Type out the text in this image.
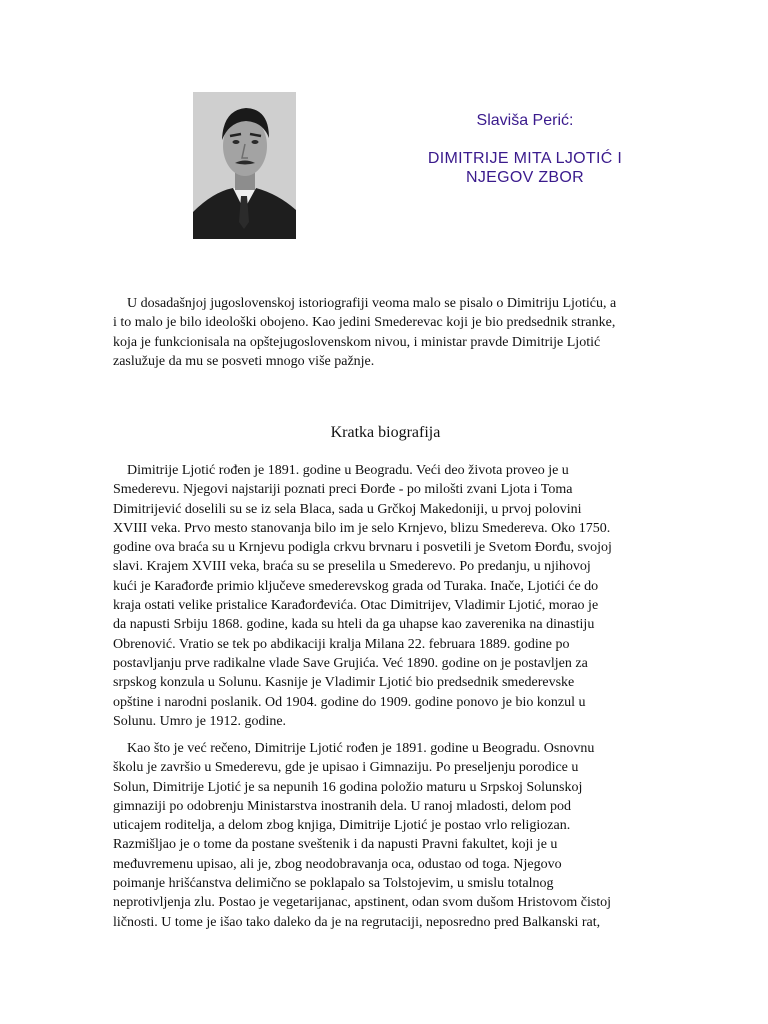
Slaviša Perić:
DIMITRIJE MITA LJOTIĆ I
NJEGOV ZBOR

U dosadašnjoj jugoslovenskoj istoriografiji veoma malo se pisalo o Dimitriju Ljotiću, a
i to malo je bilo ideološki obojeno. Kao jedini Smederevac koji je bio predsednik stranke,
koja je funkcionisala na opštejugoslovenskom nivou, i ministar pravde Dimitrije Ljotić
zaslužuje da mu se posveti mnogo više pažnje.

Kratka biografija

Dimitrije Ljotić rođen je 1891. godine u Beogradu. Veći deo života proveo je u
Smederevu. Njegovi najstariji poznati preci Đorđe - po milošti zvani Ljota i Toma
Dimitrijević doselili su se iz sela Blaca, sada u Grčkoj Makedoniji, u prvoj polovini
XVIII veka. Prvo mesto stanovanja bilo im je selo Krnjevo, blizu Smedereva. Oko 1750.
godine ova braća su u Krnjevu podigla crkvu brvnaru i posvetili je Svetom Đorđu, svojoj
slavi. Krajem XVIII veka, braća su se preselila u Smederevo. Po predanju, u njihovoj
kući je Karađorđe primio ključeve smederevskog grada od Turaka. Inače, Ljotići će do
kraja ostati velike pristalice Karađorđevića. Otac Dimitrijev, Vladimir Ljotić, morao je
da napusti Srbiju 1868. godine, kada su hteli da ga uhapse kao zaverenika na dinastiju
Obrenović. Vratio se tek po abdikaciji kralja Milana 22. februara 1889. godine po
postavljanju prve radikalne vlade Save Grujića. Već 1890. godine on je postavljen za
srpskog konzula u Solunu. Kasnije je Vladimir Ljotić bio predsednik smederevske
opštine i narodni poslanik. Od 1904. godine do 1909. godine ponovo je bio konzul u
Solunu. Umro je 1912. godine.

Kao što je već rečeno, Dimitrije Ljotić rođen je 1891. godine u Beogradu. Osnovnu
školu je završio u Smederevu, gde je upisao i Gimnaziju. Po preseljenju porodice u
Solun, Dimitrije Ljotić je sa nepunih 16 godina položio maturu u Srpskoj Solunskoj
gimnaziji po odobrenju Ministarstva inostranih dela. U ranoj mladosti, delom pod
uticajem roditelja, a delom zbog knjiga, Dimitrije Ljotić je postao vrlo religiozan.
Razmišljao je o tome da postane sveštenik i da napusti Pravni fakultet, koji je u
međuvremenu upisao, ali je, zbog neodobravanja oca, odustao od toga. Njegovo
poimanje hrišćanstva delimično se poklapalo sa Tolstojevim, u smislu totalnog
neprotivljenja zlu. Postao je vegetarijanac, apstinent, odan svom dušom Hristovom čistoj
ličnosti. U tome je išao tako daleko da je na regrutaciji, neposredno pred Balkanski rat,
